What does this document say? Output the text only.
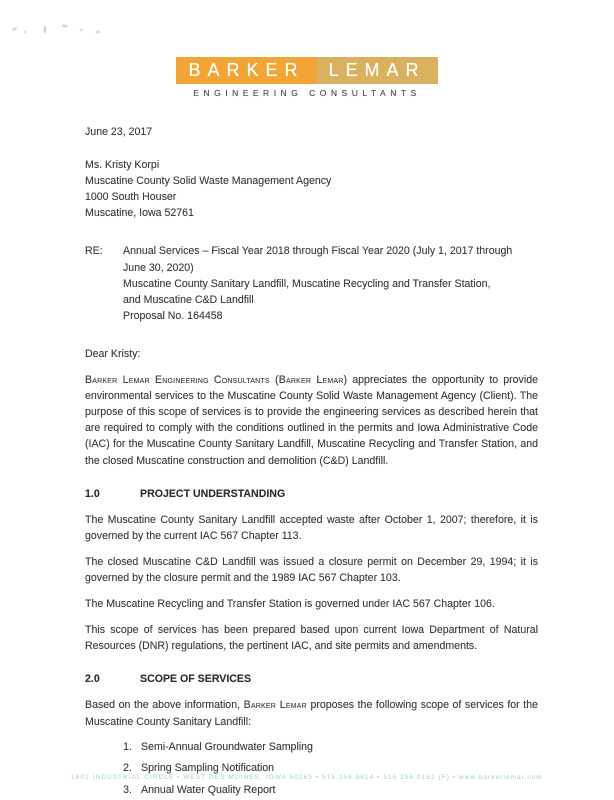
BARKER	LEMAR
ENGINEERING CONSULTANTS

June 23, 2017

Ms. Kristy Korpi
Muscatine County Solid Waste Management Agency
1000 South Houser
Muscatine, Iowa 52761
RE:	Annual Services – Fiscal Year 2018 through Fiscal Year 2020 (July 1, 2017 through June 30, 2020)
Muscatine County Sanitary Landfill, Muscatine Recycling and Transfer Station,
and Muscatine C&D Landfill
Proposal No. 164458

Dear Kristy:

Barker Lemar Engineering Consultants (Barker Lemar) appreciates the opportunity to provide environmental services to the Muscatine County Solid Waste Management Agency (Client). The purpose of this scope of services is to provide the engineering services as described herein that are required to comply with the conditions outlined in the permits and Iowa Administrative Code (IAC) for the Muscatine County Sanitary Landfill, Muscatine Recycling and Transfer Station, and the closed Muscatine construction and demolition (C&D) Landfill.

1.0	PROJECT UNDERSTANDING

The Muscatine County Sanitary Landfill accepted waste after October 1, 2007; therefore, it is governed by the current IAC 567 Chapter 113.

The closed Muscatine C&D Landfill was issued a closure permit on December 29, 1994; it is governed by the closure permit and the 1989 IAC 567 Chapter 103.

The Muscatine Recycling and Transfer Station is governed under IAC 567 Chapter 106.

This scope of services has been prepared based upon current Iowa Department of Natural Resources (DNR) regulations, the pertinent IAC, and site permits and amendments.

2.0	SCOPE OF SERVICES

Based on the above information, Barker Lemar proposes the following scope of services for the Muscatine County Sanitary Landfill:

1. Semi-Annual Groundwater Sampling
2. Spring Sampling Notification
3. Annual Water Quality Report
1601 INDUSTRIAL CIRCLE • WEST DES MOINES, IOWA 50265 • 515.256.8814 • 515.256.0152 (F) • www.barkerlemar.com
